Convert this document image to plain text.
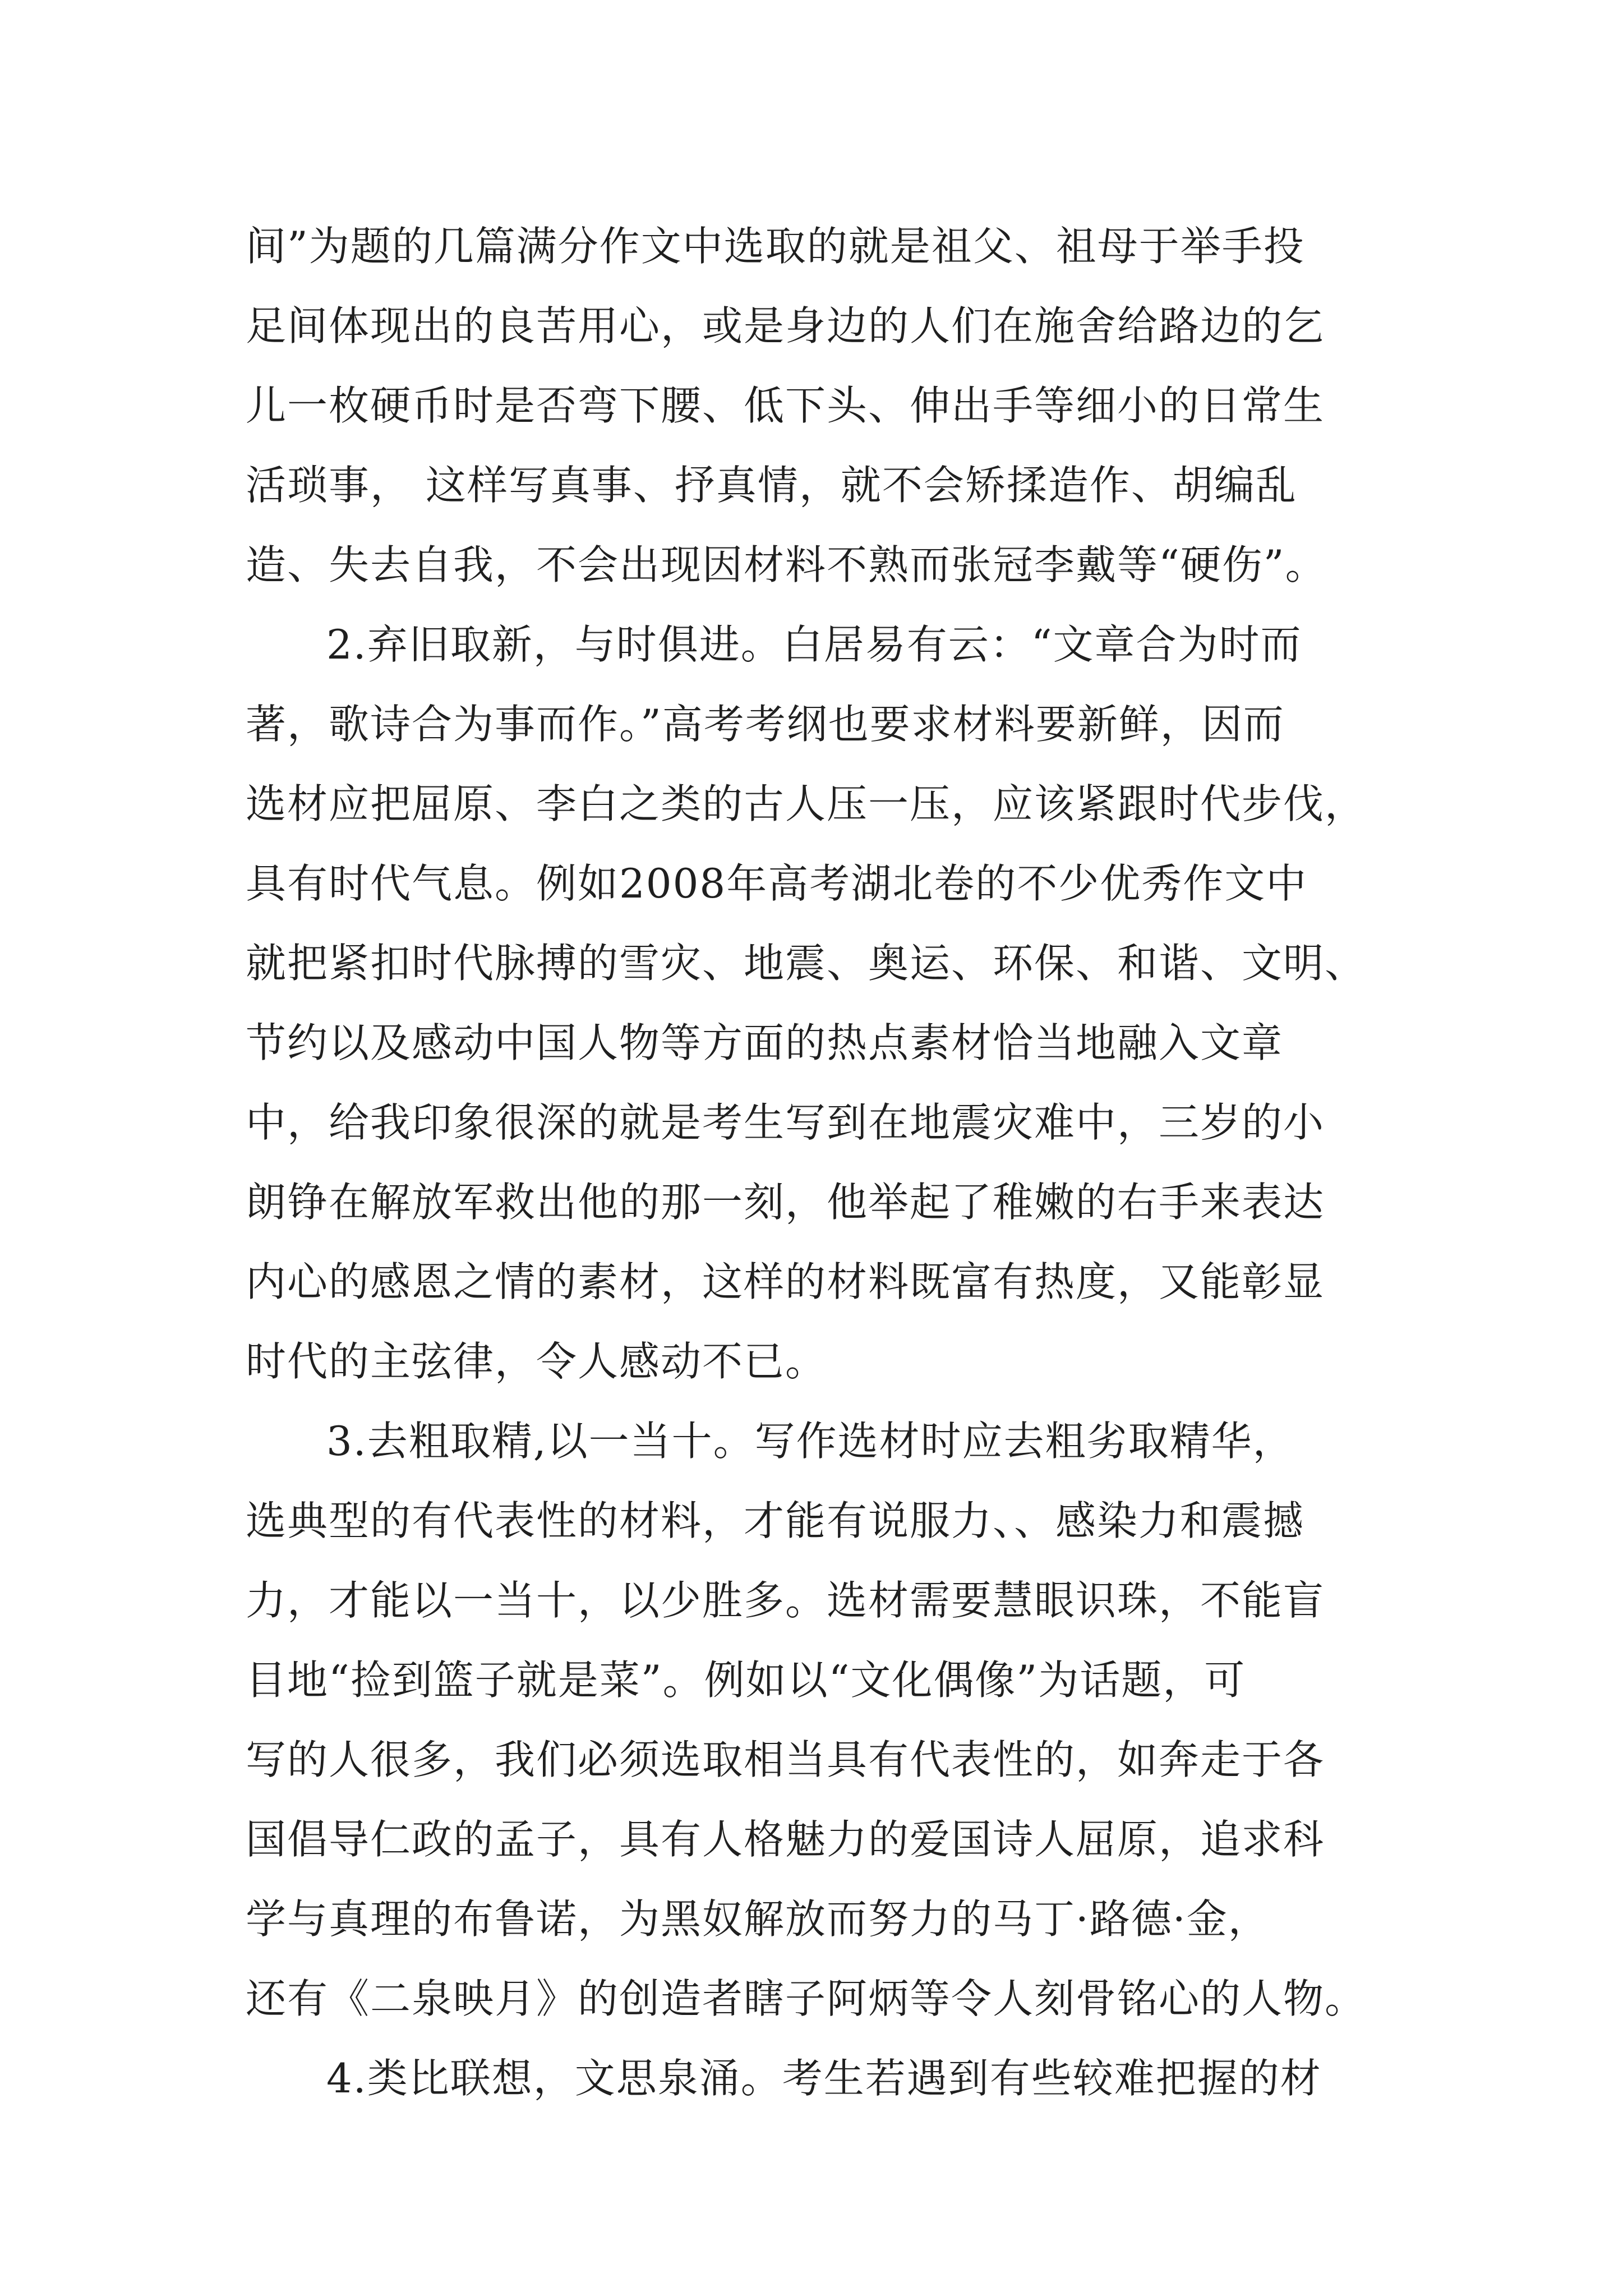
间”为题的几篇满分作文中选取的就是祖父、祖母于举手投
足间体现出的良苦用心，或是身边的人们在施舍给路边的乞
儿一枚硬币时是否弯下腰、低下头、伸出手等细小的日常生
活琐事， 这样写真事、抒真情，就不会矫揉造作、胡编乱
造、失去自我，不会出现因材料不熟而张冠李戴等“硬伤”。
2.弃旧取新，与时俱进。白居易有云：“文章合为时而
著，歌诗合为事而作。”高考考纲也要求材料要新鲜，因而
选材应把屈原、李白之类的古人压一压，应该紧跟时代步伐，
具有时代气息。例如2008年高考湖北卷的不少优秀作文中
就把紧扣时代脉搏的雪灾、地震、奥运、环保、和谐、文明、
节约以及感动中国人物等方面的热点素材恰当地融入文章
中，给我印象很深的就是考生写到在地震灾难中，三岁的小
朗铮在解放军救出他的那一刻，他举起了稚嫩的右手来表达
内心的感恩之情的素材，这样的材料既富有热度，又能彰显
时代的主弦律，令人感动不已。
3.去粗取精,以一当十。写作选材时应去粗劣取精华，
选典型的有代表性的材料，才能有说服力、、感染力和震撼
力，才能以一当十，以少胜多。选材需要慧眼识珠，不能盲
目地“捡到篮子就是菜”。例如以“文化偶像”为话题，可
写的人很多，我们必须选取相当具有代表性的，如奔走于各
国倡导仁政的孟子，具有人格魅力的爱国诗人屈原，追求科
学与真理的布鲁诺，为黑奴解放而努力的马丁·路德·金，
还有《二泉映月》的创造者瞎子阿炳等令人刻骨铭心的人物。
4.类比联想，文思泉涌。考生若遇到有些较难把握的材
